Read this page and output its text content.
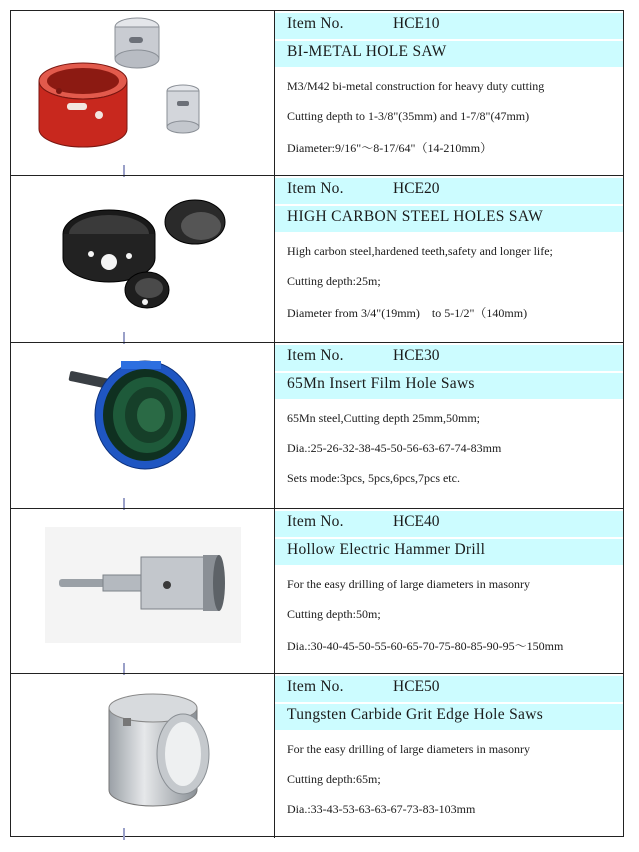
Item No.	HCE10
BI-METAL HOLE SAW
M3/M42 bi-metal construction for heavy duty cutting
Cutting depth to 1-3/8"(35mm) and 1-7/8"(47mm)
Diameter:9/16"～8-17/64"（14-210mm）
Item No.	HCE20
HIGH CARBON STEEL HOLES SAW
High carbon steel,hardened teeth,safety and longer life;
Cutting depth:25m;
Diameter from 3/4"(19mm)　to 5-1/2"（140mm)
Item No.	HCE30
65Mn Insert Film Hole Saws
65Mn steel,Cutting depth 25mm,50mm;
Dia.:25-26-32-38-45-50-56-63-67-74-83mm
Sets mode:3pcs, 5pcs,6pcs,7pcs etc.
Item No.	HCE40
Hollow Electric Hammer Drill
For the easy drilling of large diameters in masonry
Cutting depth:50m;
Dia.:30-40-45-50-55-60-65-70-75-80-85-90-95～150mm
Item No.	HCE50
Tungsten Carbide Grit Edge Hole Saws
For the easy drilling of large diameters in masonry
Cutting depth:65m;
Dia.:33-43-53-63-63-67-73-83-103mm
